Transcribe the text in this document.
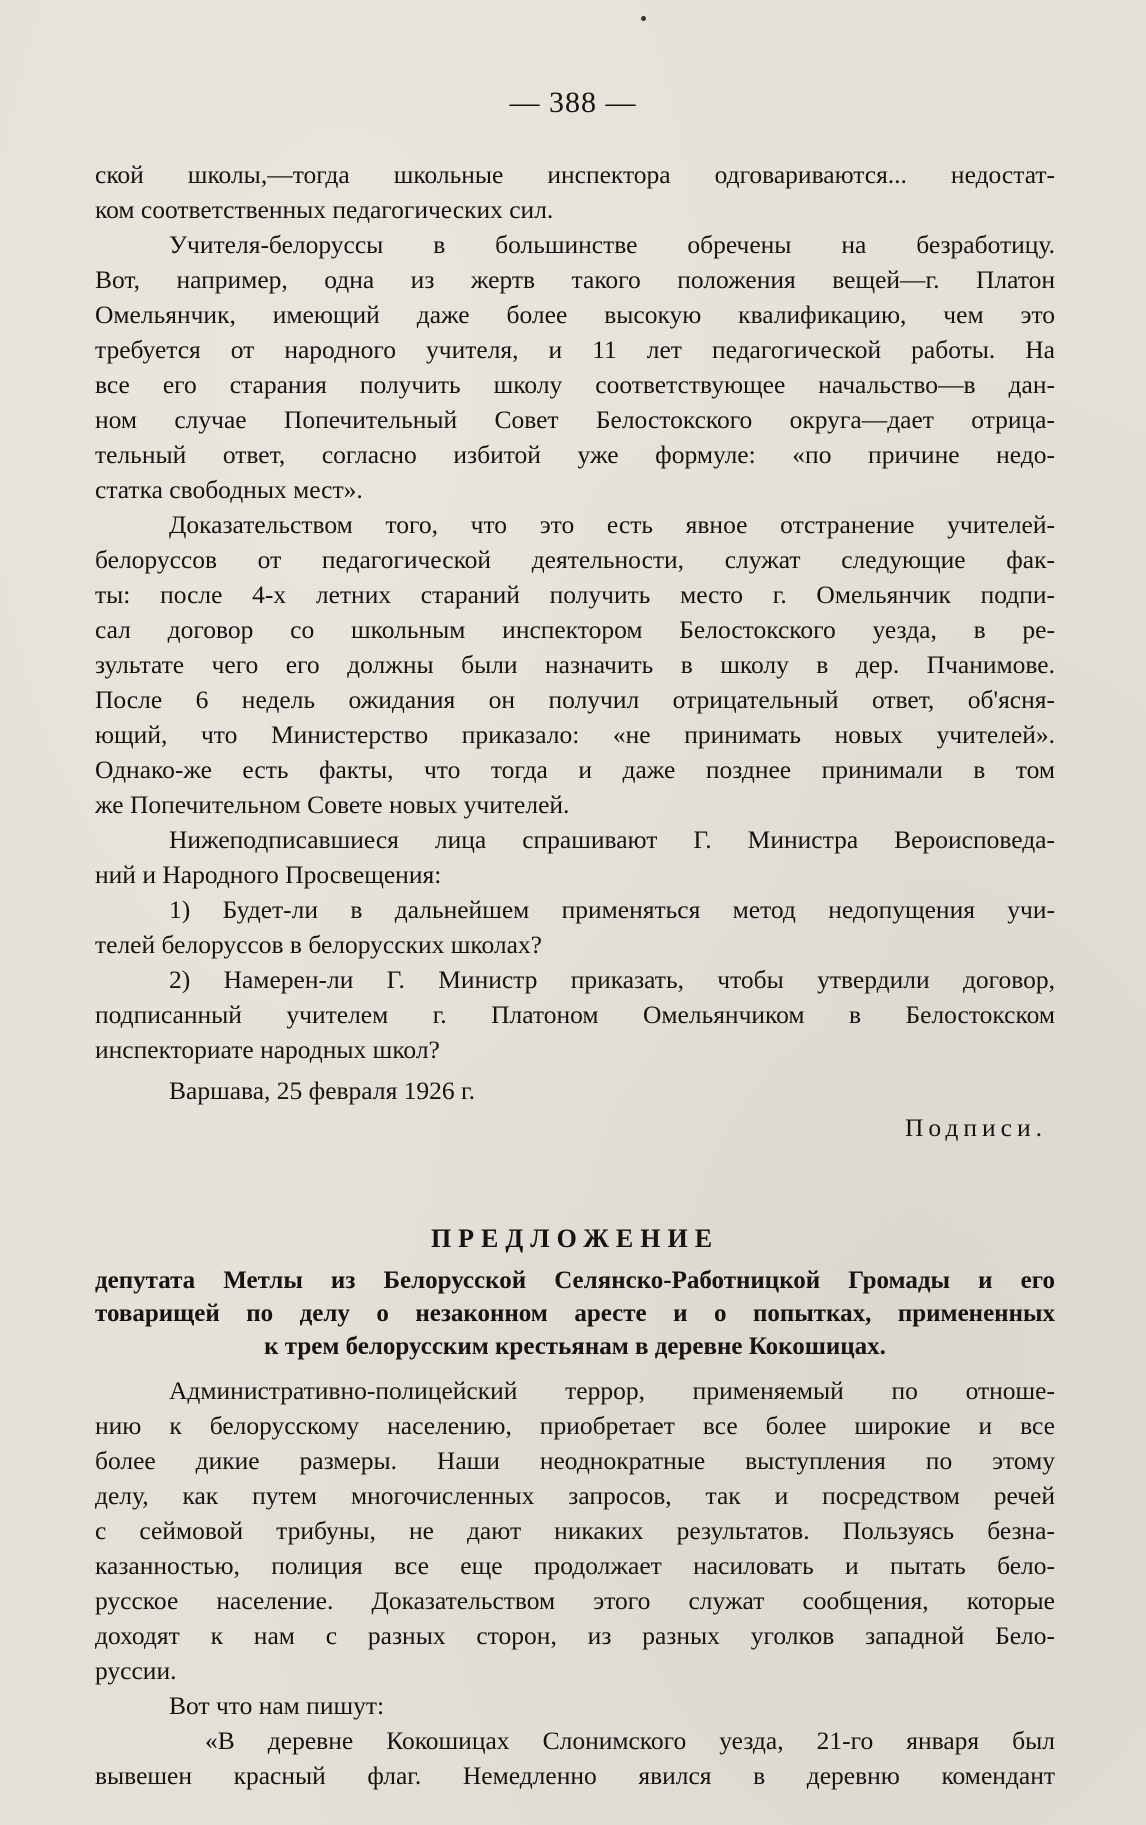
— 388 —

ской школы,—тогда школьные инспектора одговариваются... недостат-

ком соответственных педагогических сил.

Учителя-белоруссы в большинстве обречены на безработицу.

Вот, например, одна из жертв такого положения вещей—г. Платон

Омельянчик, имеющий даже более высокую квалификацию, чем это

требуется от народного учителя, и 11 лет педагогической работы. На

все его старания получить школу соответствующее начальство—в дан-

ном случае Попечительный Совет Белостокского округа—дает отрица-

тельный ответ, согласно избитой уже формуле: «по причине недо-

статка свободных мест».

Доказательством того, что это есть явное отстранение учителей-

белоруссов от педагогической деятельности, служат следующие фак-

ты: после 4-х летних стараний получить место г. Омельянчик подпи-

сал договор со школьным инспектором Белостокского уезда, в ре-

зультате чего его должны были назначить в школу в дер. Пчанимове.

После 6 недель ожидания он получил отрицательный ответ, об'ясня-

ющий, что Министерство приказало: «не принимать новых учителей».

Однако-же есть факты, что тогда и даже позднее принимали в том

же Попечительном Совете новых учителей.

Нижеподписавшиеся лица спрашивают Г. Министра Вероисповеда-

ний и Народного Просвещения:

1) Будет-ли в дальнейшем применяться метод недопущения учи-

телей белоруссов в белорусских школах?

2) Намерен-ли Г. Министр приказать, чтобы утвердили договор,

подписанный учителем г. Платоном Омельянчиком в Белостокском

инспекториате народных школ?

Варшава, 25 февраля 1926 г.

Подписи.

ПРЕДЛОЖЕНИЕ

депутата Метлы из Белорусской Селянско-Работницкой Громады и его

товарищей по делу о незаконном аресте и о попытках, примененных

к трем белорусским крестьянам в деревне Кокошицах.

Административно-полицейский террор, применяемый по отноше-

нию к белорусскому населению, приобретает все более широкие и все

более дикие размеры. Наши неоднократные выступления по этому

делу, как путем многочисленных запросов, так и посредством речей

с сеймовой трибуны, не дают никаких результатов. Пользуясь безна-

казанностью, полиция все еще продолжает насиловать и пытать бело-

русское население. Доказательством этого служат сообщения, которые

доходят к нам с разных сторон, из разных уголков западной Бело-

руссии.

Вот что нам пишут:

«В деревне Кокошицах Слонимского уезда, 21-го января был

вывешен красный флаг. Немедленно явился в деревню комендант
